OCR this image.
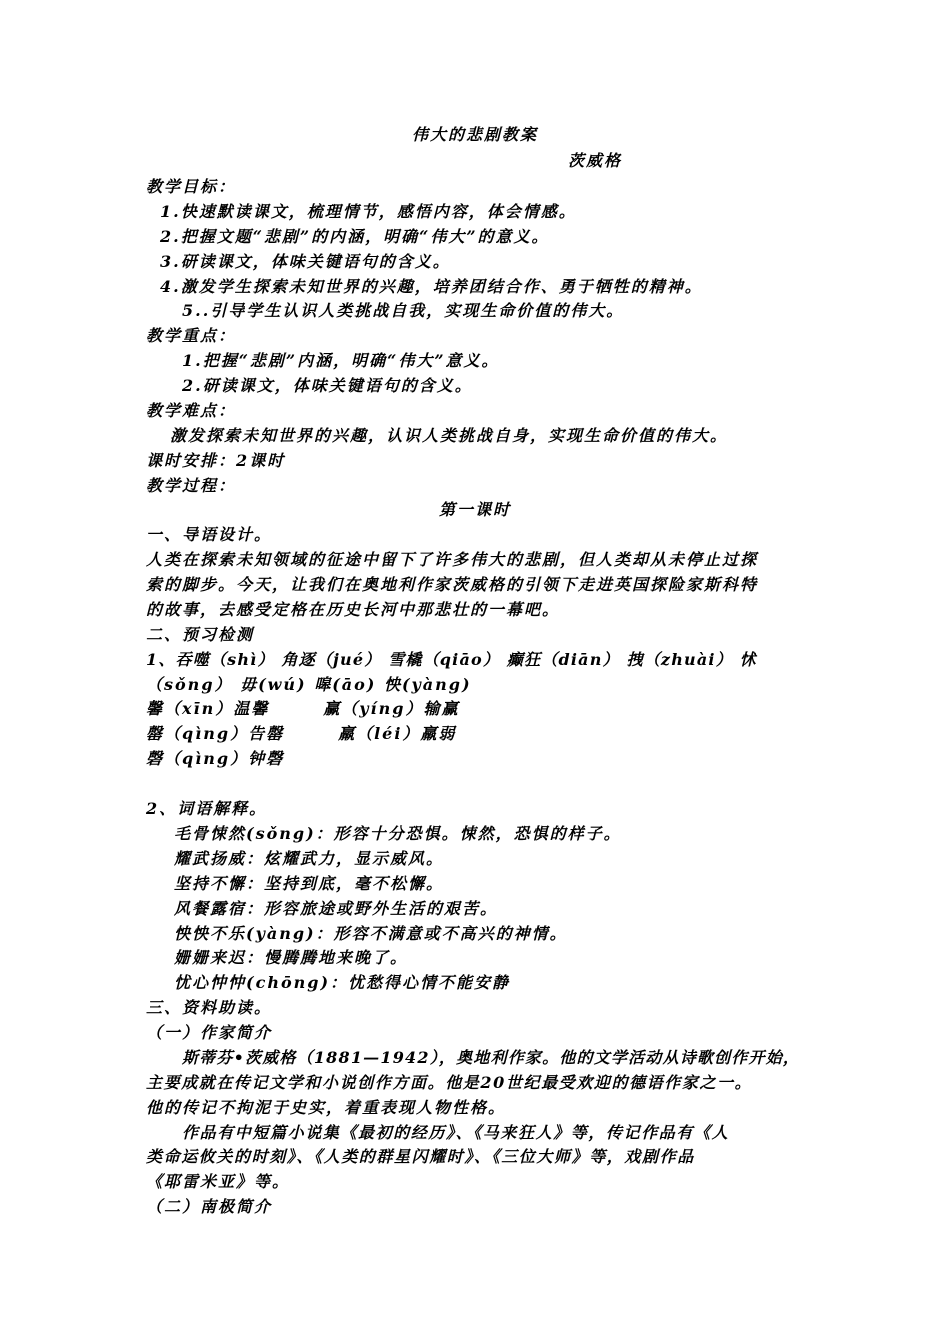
伟大的悲剧教案
茨威格
教学目标：
1.快速默读课文，梳理情节，感悟内容，体会情感。
2.把握文题“悲剧”的内涵，明确“伟大”的意义。
3.研读课文，体味关键语句的含义。
4.激发学生探索未知世界的兴趣，培养团结合作、勇于牺牲的精神。
5..引导学生认识人类挑战自我，实现生命价值的伟大。
教学重点：
1.把握“悲剧”内涵，明确“伟大”意义。
2.研读课文，体味关键语句的含义。
教学难点：
激发探索未知世界的兴趣，认识人类挑战自身，实现生命价值的伟大。
课时安排：2课时
教学过程：
第一课时
一、导语设计。
人类在探索未知领域的征途中留下了许多伟大的悲剧，但人类却从未停止过探
索的脚步。今天，让我们在奥地利作家茨威格的引领下走进英国探险家斯科特
的故事，去感受定格在历史长河中那悲壮的一幕吧。
二、预习检测
1、吞噬（shì） 角逐（jué） 雪橇（qiāo） 癫狂（diān） 拽（zhuài） 怵
（sǒng） 毋(wú) 嗥(āo) 怏(yàng)
馨（xīn）温馨　　　赢（yíng）输赢
罄（qìng）告罄　　　羸（léi）羸弱
磬（qìng）钟磬
2、词语解释。
毛骨悚然(sǒng)：形容十分恐惧。悚然，恐惧的样子。
耀武扬威：炫耀武力，显示威风。
坚持不懈：坚持到底，毫不松懈。
风餐露宿：形容旅途或野外生活的艰苦。
怏怏不乐(yàng)：形容不满意或不高兴的神情。
姗姗来迟：慢腾腾地来晚了。
忧心忡忡(chōng)：忧愁得心情不能安静
三、资料助读。
（一）作家简介
斯蒂芬•茨威格（1881—1942），奥地利作家。他的文学活动从诗歌创作开始，
主要成就在传记文学和小说创作方面。他是20世纪最受欢迎的德语作家之一。
他的传记不拘泥于史实，着重表现人物性格。
作品有中短篇小说集《最初的经历》、《马来狂人》等，传记作品有《人
类命运攸关的时刻》、《人类的群星闪耀时》、《三位大师》等，戏剧作品
《耶雷米亚》等。
（二）南极简介
